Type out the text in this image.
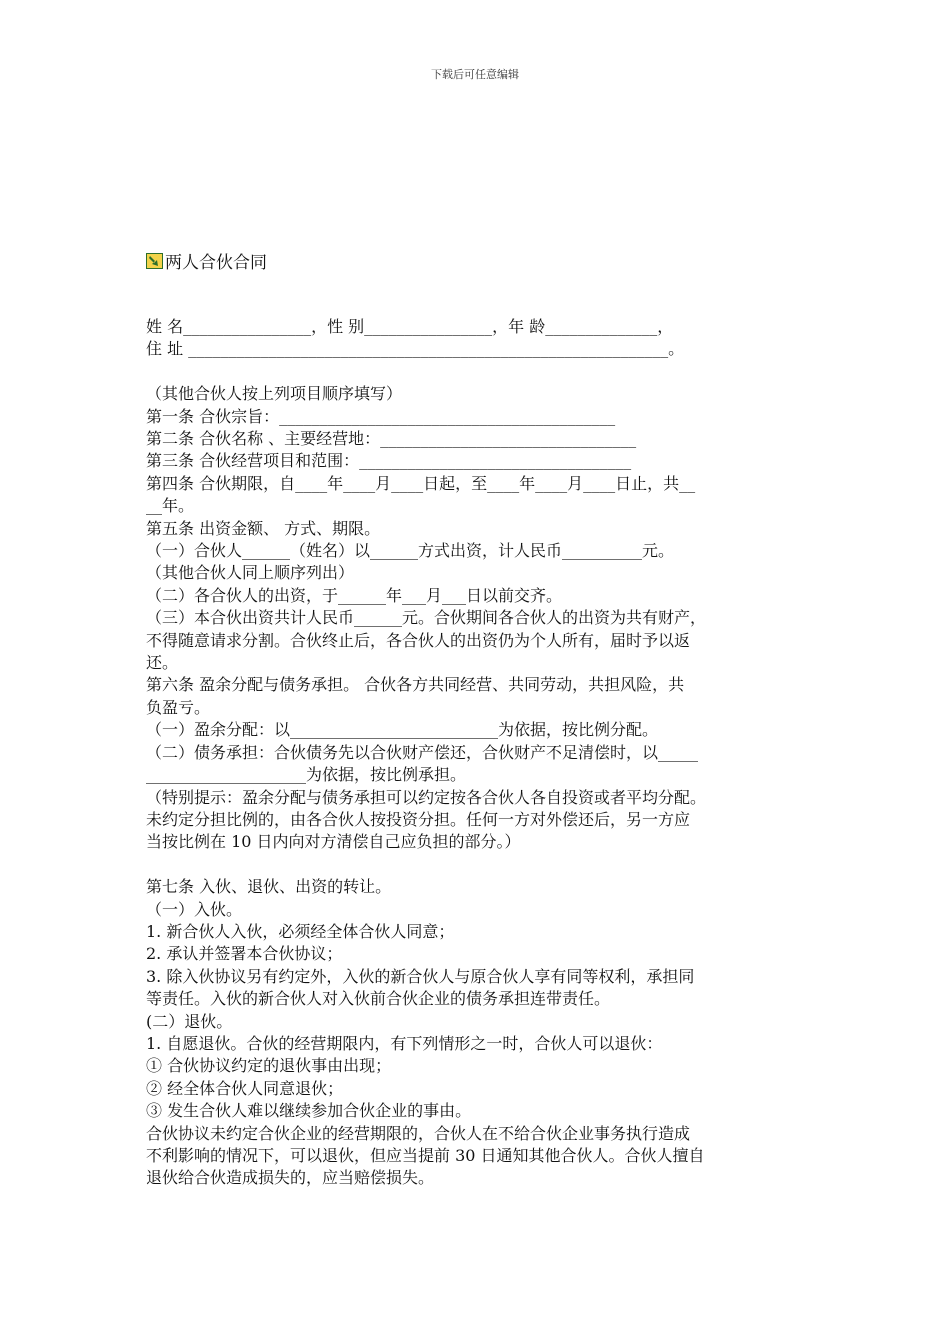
下载后可任意编辑
两人合伙合同
姓 名________________，性 别________________，年 龄______________，
住 址 ____________________________________________________________。
（其他合伙人按上列项目顺序填写）
第一条 合伙宗旨：__________________________________________
第二条 合伙名称 、主要经营地：________________________________
第三条 合伙经营项目和范围：__________________________________
第四条 合伙期限，自____年____月____日起，至____年____月____日止，共__
__年。
第五条 出资金额、 方式、期限。
（一）合伙人______（姓名）以______方式出资，计人民币__________元。
（其他合伙人同上顺序列出）
（二）各合伙人的出资，于______年___月___日以前交齐。
（三）本合伙出资共计人民币______元。合伙期间各合伙人的出资为共有财产，
不得随意请求分割。合伙终止后，各合伙人的出资仍为个人所有，届时予以返
还。
第六条 盈余分配与债务承担。 合伙各方共同经营、共同劳动，共担风险，共
负盈亏。
（一）盈余分配：以__________________________为依据，按比例分配。
（二）债务承担：合伙债务先以合伙财产偿还，合伙财产不足清偿时，以_____
____________________为依据，按比例承担。
（特别提示：盈余分配与债务承担可以约定按各合伙人各自投资或者平均分配。
未约定分担比例的，由各合伙人按投资分担。任何一方对外偿还后，另一方应
当按比例在 10 日内向对方清偿自己应负担的部分。）
第七条 入伙、退伙、出资的转让。
（一）入伙。
1. 新合伙人入伙，必须经全体合伙人同意；
2. 承认并签署本合伙协议；
3. 除入伙协议另有约定外，入伙的新合伙人与原合伙人享有同等权利，承担同
等责任。入伙的新合伙人对入伙前合伙企业的债务承担连带责任。
(二）退伙。
1. 自愿退伙。合伙的经营期限内，有下列情形之一时，合伙人可以退伙：
① 合伙协议约定的退伙事由出现；
② 经全体合伙人同意退伙；
③ 发生合伙人难以继续参加合伙企业的事由。
合伙协议未约定合伙企业的经营期限的，合伙人在不给合伙企业事务执行造成
不利影响的情况下，可以退伙，但应当提前 30 日通知其他合伙人。合伙人擅自
退伙给合伙造成损失的，应当赔偿损失。
